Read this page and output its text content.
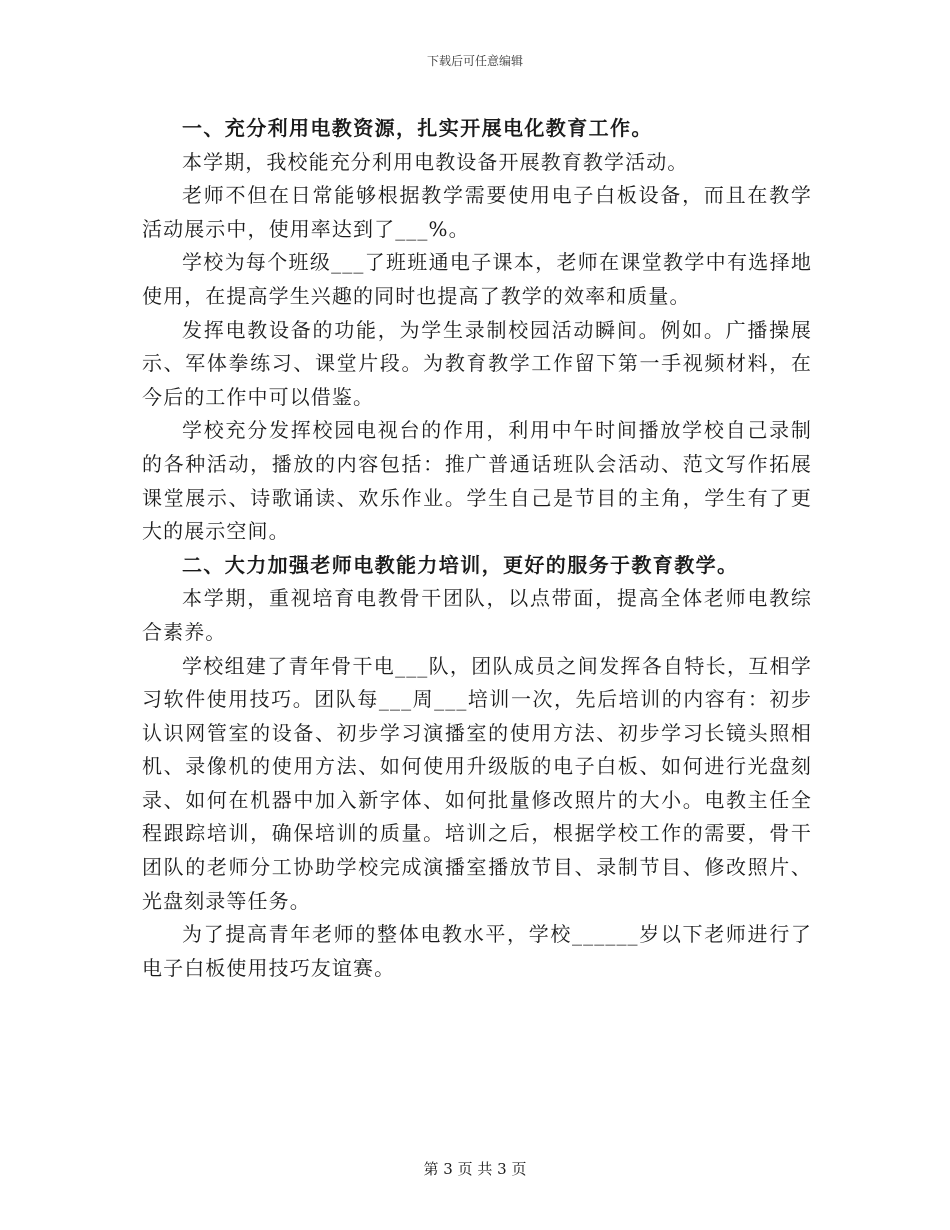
下载后可任意编辑

一、充分利用电教资源，扎实开展电化教育工作。

本学期，我校能充分利用电教设备开展教育教学活动。

老师不但在日常能够根据教学需要使用电子白板设备，而且在教学活动展示中，使用率达到了___%。

学校为每个班级___了班班通电子课本，老师在课堂教学中有选择地使用，在提高学生兴趣的同时也提高了教学的效率和质量。

发挥电教设备的功能，为学生录制校园活动瞬间。例如。广播操展示、军体拳练习、课堂片段。为教育教学工作留下第一手视频材料，在今后的工作中可以借鉴。

学校充分发挥校园电视台的作用，利用中午时间播放学校自己录制的各种活动，播放的内容包括：推广普通话班队会活动、范文写作拓展课堂展示、诗歌诵读、欢乐作业。学生自己是节目的主角，学生有了更大的展示空间。

二、大力加强老师电教能力培训，更好的服务于教育教学。

本学期，重视培育电教骨干团队，以点带面，提高全体老师电教综合素养。

学校组建了青年骨干电___队，团队成员之间发挥各自特长，互相学习软件使用技巧。团队每___周___培训一次，先后培训的内容有：初步认识网管室的设备、初步学习演播室的使用方法、初步学习长镜头照相机、录像机的使用方法、如何使用升级版的电子白板、如何进行光盘刻录、如何在机器中加入新字体、如何批量修改照片的大小。电教主任全程跟踪培训，确保培训的质量。培训之后，根据学校工作的需要，骨干团队的老师分工协助学校完成演播室播放节目、录制节目、修改照片、光盘刻录等任务。

为了提高青年老师的整体电教水平，学校______岁以下老师进行了电子白板使用技巧友谊赛。

第 3 页 共 3 页
